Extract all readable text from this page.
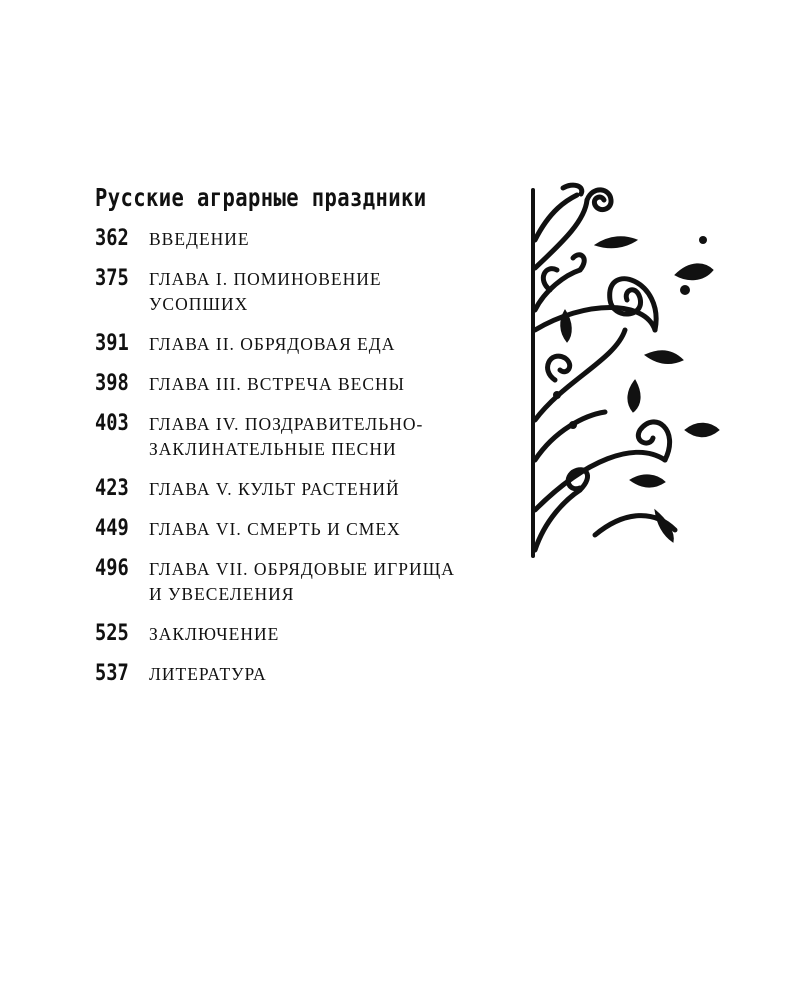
Русские аграрные праздники
362	ВВЕДЕНИЕ
375	ГЛАВА I. ПОМИНОВЕНИЕ
УСОПШИХ
391	ГЛАВА II. ОБРЯДОВАЯ ЕДА
398	ГЛАВА III. ВСТРЕЧА ВЕСНЫ
403	ГЛАВА IV. ПОЗДРАВИТЕЛЬНО-
ЗАКЛИНАТЕЛЬНЫЕ ПЕСНИ
423	ГЛАВА V. КУЛЬТ РАСТЕНИЙ
449	ГЛАВА VI. СМЕРТЬ И СМЕХ
496	ГЛАВА VII. ОБРЯДОВЫЕ ИГРИЩА
И УВЕСЕЛЕНИЯ
525	ЗАКЛЮЧЕНИЕ
537	ЛИТЕРАТУРА
